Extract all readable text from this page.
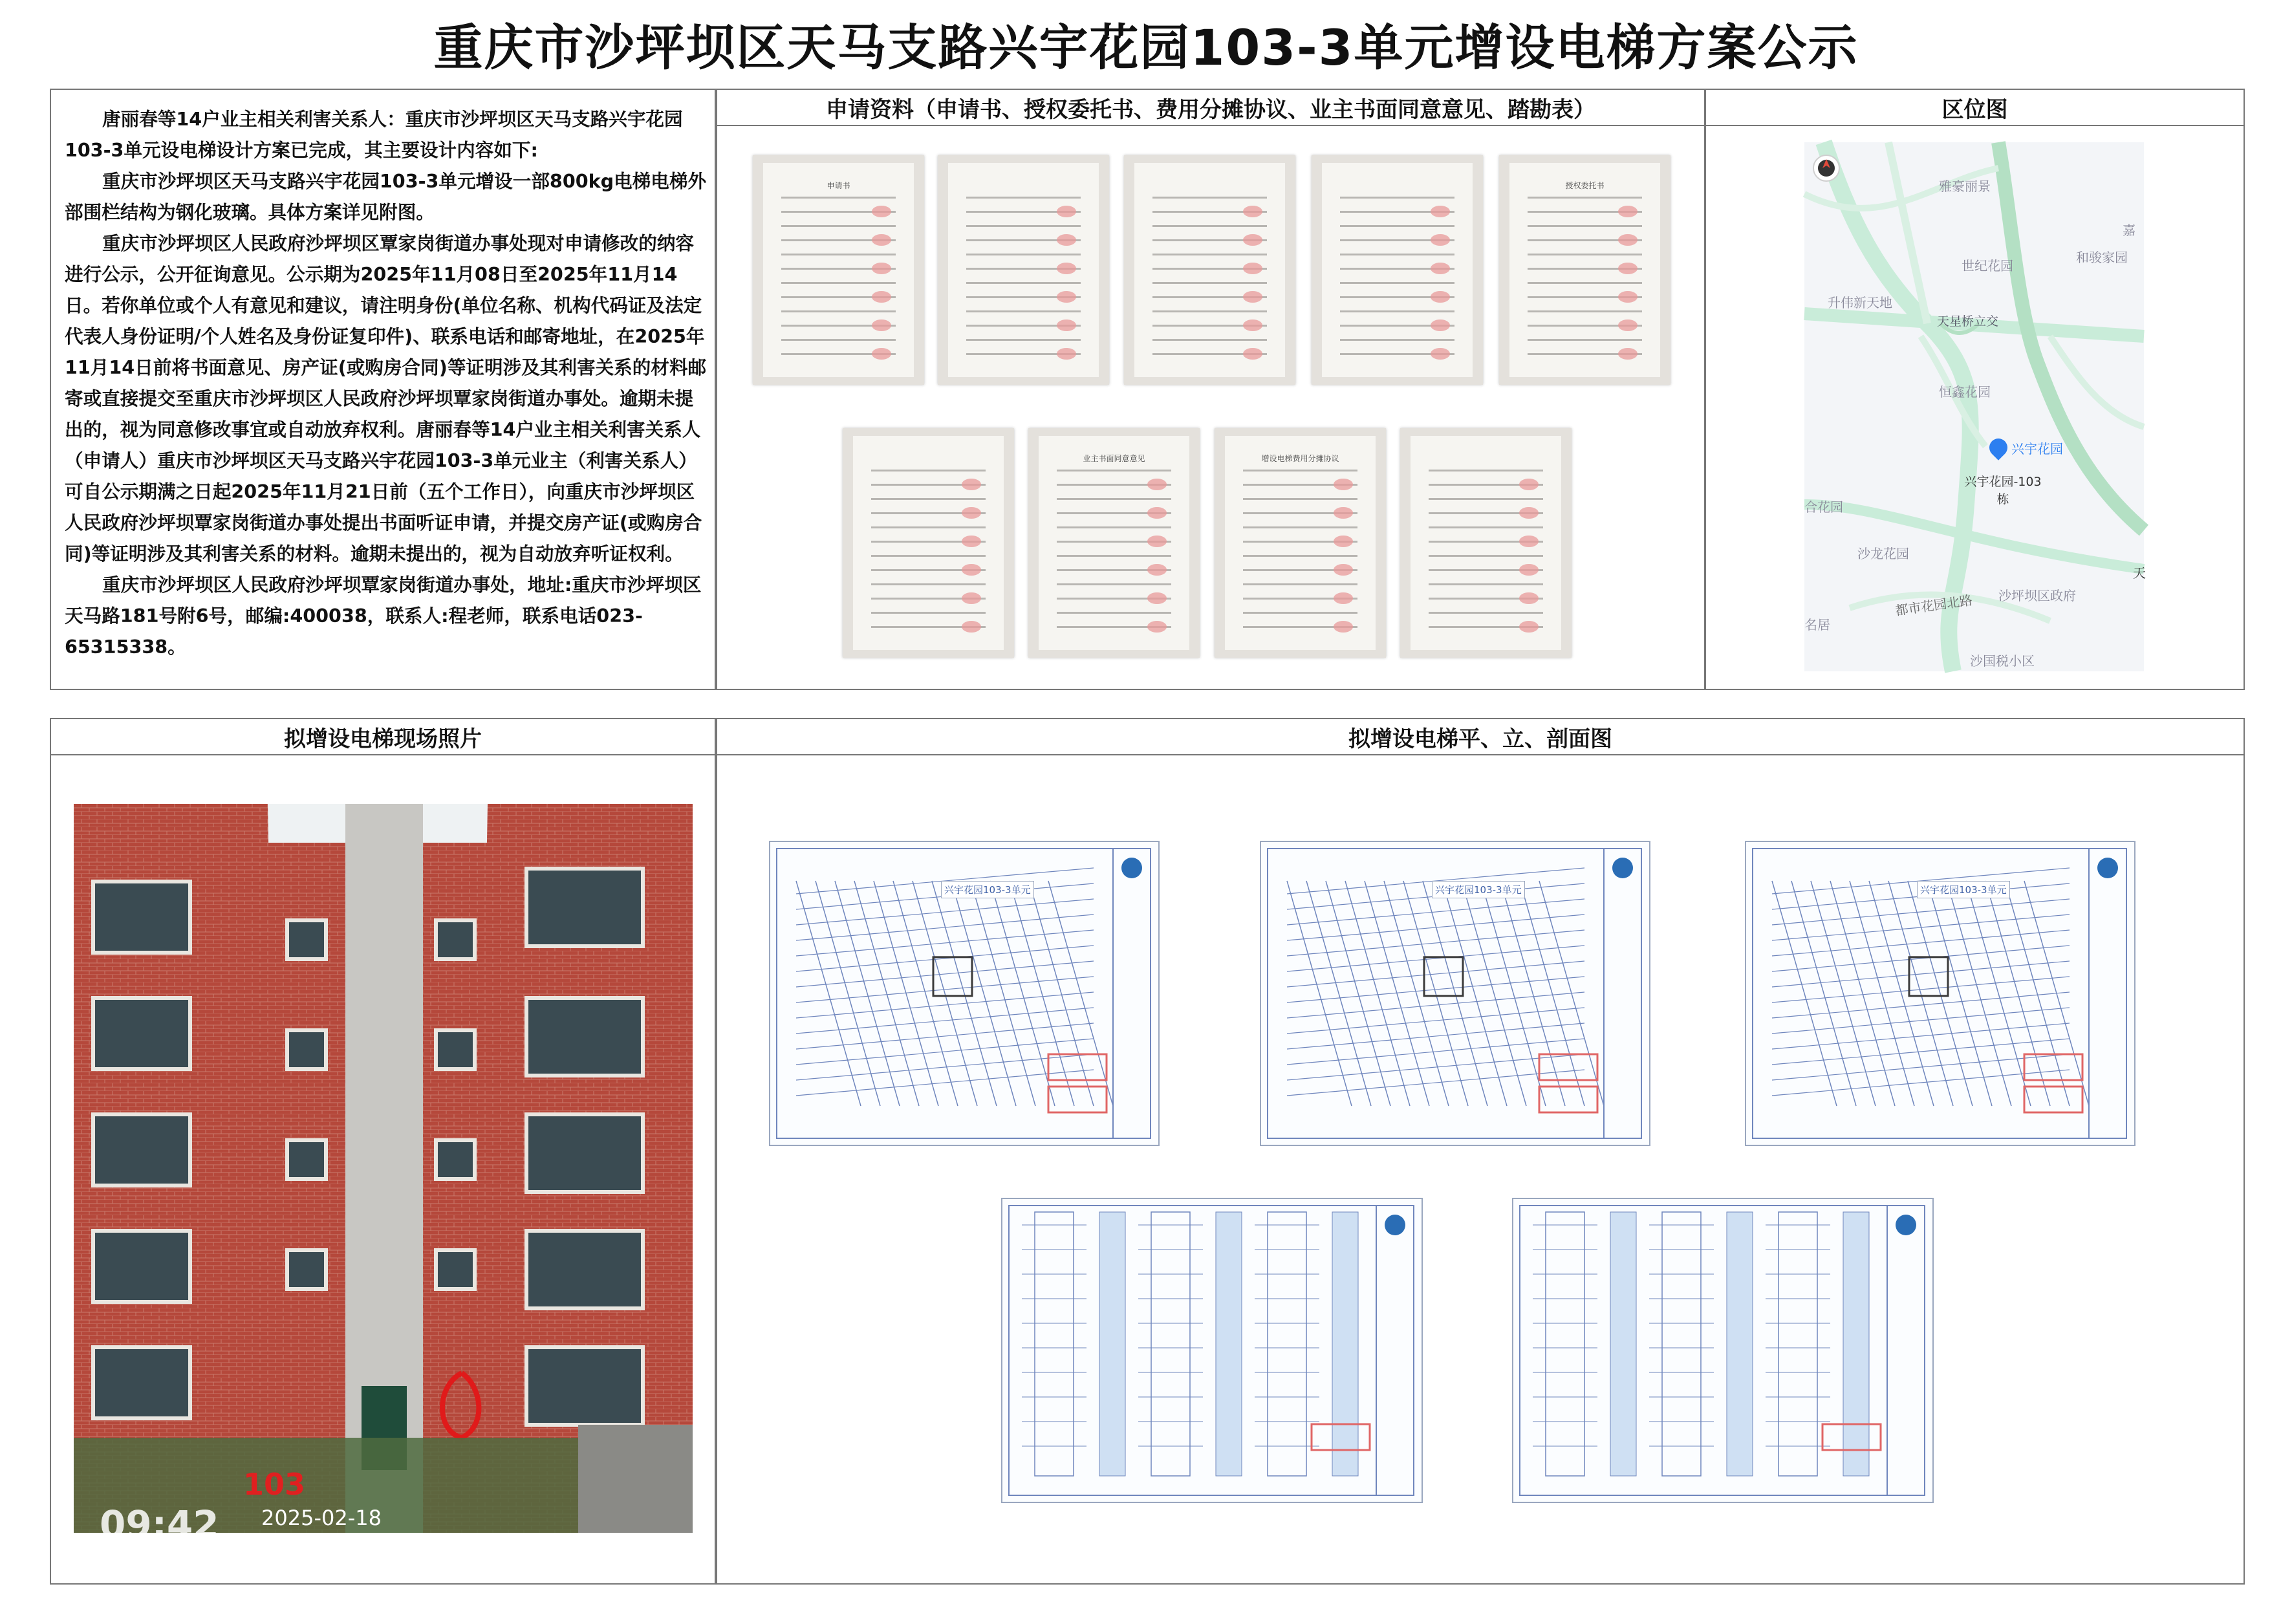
重庆市沙坪坝区天马支路兴宇花园103-3单元增设电梯方案公示

唐丽春等14户业主相关利害关系人：重庆市沙坪坝区天马支路兴宇花园103-3单元设电梯设计方案已完成，其主要设计内容如下:

重庆市沙坪坝区天马支路兴宇花园103-3单元增设一部800kg电梯电梯外部围栏结构为钢化玻璃。具体方案详见附图。

重庆市沙坪坝区人民政府沙坪坝区覃家岗街道办事处现对申请修改的纳容进行公示，公开征询意见。公示期为2025年11月08日至2025年11月14日。若你单位或个人有意见和建议，请注明身份(单位名称、机构代码证及法定代表人身份证明/个人姓名及身份证复印件)、联系电话和邮寄地址，在2025年11月14日前将书面意见、房产证(或购房合同)等证明涉及其利害关系的材料邮寄或直接提交至重庆市沙坪坝区人民政府沙坪坝覃家岗街道办事处。逾期未提出的，视为同意修改事宜或自动放弃权利。唐丽春等14户业主相关利害关系人（申请人）重庆市沙坪坝区天马支路兴宇花园103-3单元业主（利害关系人）可自公示期满之日起2025年11月21日前（五个工作日），向重庆市沙坪坝区人民政府沙坪坝覃家岗街道办事处提出书面听证申请，并提交房产证(或购房合同)等证明涉及其利害关系的材料。逾期未提出的，视为自动放弃听证权利。

重庆市沙坪坝区人民政府沙坪坝覃家岗街道办事处，地址:重庆市沙坪坝区天马路181号附6号，邮编:400038，联系人:程老师，联系电话023-65315338。

申请资料（申请书、授权委托书、费用分摊协议、业主书面同意意见、踏勘表）
申请书	授权委托书
业主书面同意意见	增设电梯费用分摊协议
区位图
雅豪丽景
世纪花园
和骏家园
嘉
升伟新天地
天星桥立交
恒鑫花园
兴宇花园
兴宇花园-103栋
合花园
沙龙花园
沙坪坝区政府
都市花园北路
名居
沙国税小区
天
拟增设电梯现场照片
103
09:42 2025-02-18
拟增设电梯平、立、剖面图
兴宇花园103-3单元	兴宇花园103-3单元	兴宇花园103-3单元
